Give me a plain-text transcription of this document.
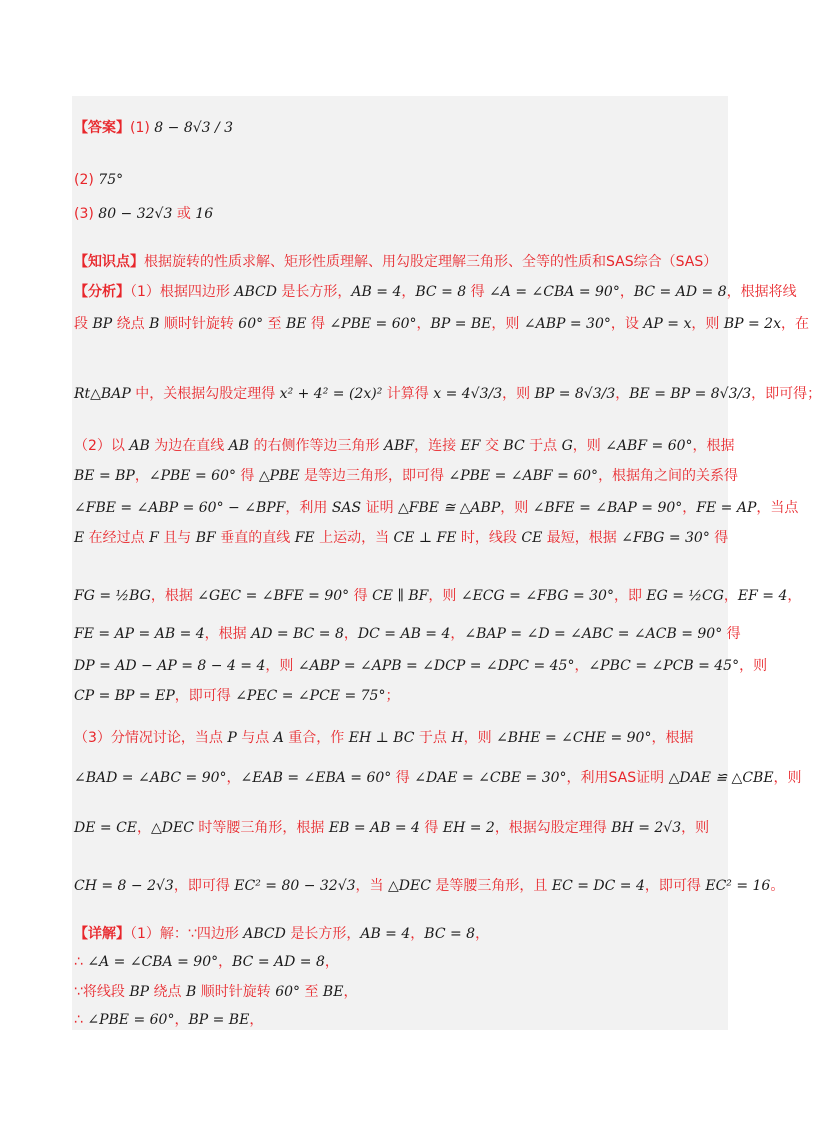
【答案】(1) 8 − 8√3 / 3
(2) 75°
(3) 80 − 32√3 或 16
【知识点】根据旋转的性质求解、矩形性质理解、用勾股定理解三角形、全等的性质和SAS综合（SAS）
【分析】（1）根据四边形 ABCD 是长方形，AB = 4，BC = 8 得 ∠A = ∠CBA = 90°，BC = AD = 8，根据将线
段 BP 绕点 B 顺时针旋转 60° 至 BE 得 ∠PBE = 60°，BP = BE，则 ∠ABP = 30°，设 AP = x，则 BP = 2x，在
Rt△BAP 中，关根据勾股定理得 x² + 4² = (2x)² 计算得 x = 4√3/3，则 BP = 8√3/3，BE = BP = 8√3/3，即可得；
（2）以 AB 为边在直线 AB 的右侧作等边三角形 ABF，连接 EF 交 BC 于点 G，则 ∠ABF = 60°，根据
BE = BP，∠PBE = 60° 得 △PBE 是等边三角形，即可得 ∠PBE = ∠ABF = 60°，根据角之间的关系得
∠FBE = ∠ABP = 60° − ∠BPF，利用 SAS 证明 △FBE ≅ △ABP，则 ∠BFE = ∠BAP = 90°，FE = AP，当点
E 在经过点 F 且与 BF 垂直的直线 FE 上运动，当 CE ⊥ FE 时，线段 CE 最短，根据 ∠FBG = 30° 得
FG = ½BG，根据 ∠GEC = ∠BFE = 90° 得 CE ∥ BF，则 ∠ECG = ∠FBG = 30°，即 EG = ½CG，EF = 4，
FE = AP = AB = 4，根据 AD = BC = 8，DC = AB = 4，∠BAP = ∠D = ∠ABC = ∠ACB = 90° 得
DP = AD − AP = 8 − 4 = 4，则 ∠ABP = ∠APB = ∠DCP = ∠DPC = 45°，∠PBC = ∠PCB = 45°，则
CP = BP = EP，即可得 ∠PEC = ∠PCE = 75°；
（3）分情况讨论，当点 P 与点 A 重合，作 EH ⊥ BC 于点 H，则 ∠BHE = ∠CHE = 90°，根据
∠BAD = ∠ABC = 90°，∠EAB = ∠EBA = 60° 得 ∠DAE = ∠CBE = 30°，利用SAS证明 △DAE ≌ △CBE，则
DE = CE，△DEC 时等腰三角形，根据 EB = AB = 4 得 EH = 2，根据勾股定理得 BH = 2√3，则
CH = 8 − 2√3，即可得 EC² = 80 − 32√3，当 △DEC 是等腰三角形，且 EC = DC = 4，即可得 EC² = 16。
【详解】（1）解：∵四边形 ABCD 是长方形，AB = 4，BC = 8，
∴ ∠A = ∠CBA = 90°，BC = AD = 8，
∵将线段 BP 绕点 B 顺时针旋转 60° 至 BE，
∴ ∠PBE = 60°，BP = BE，
